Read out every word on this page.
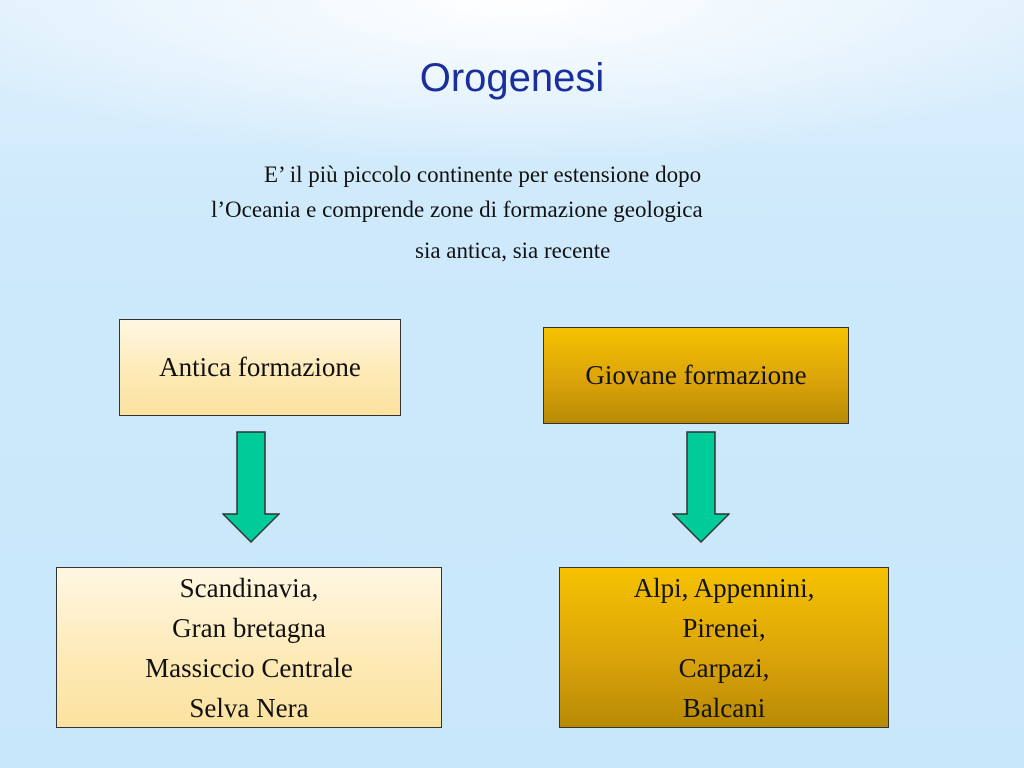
Orogenesi
E’ il più piccolo continente per estensione dopo
l’Oceania e comprende zone di formazione geologica
sia antica, sia recente
Antica formazione	Giovane formazione
Scandinavia,
Gran bretagna
Massiccio Centrale
Selva Nera
Alpi, Appennini,
Pirenei,
Carpazi,
Balcani
